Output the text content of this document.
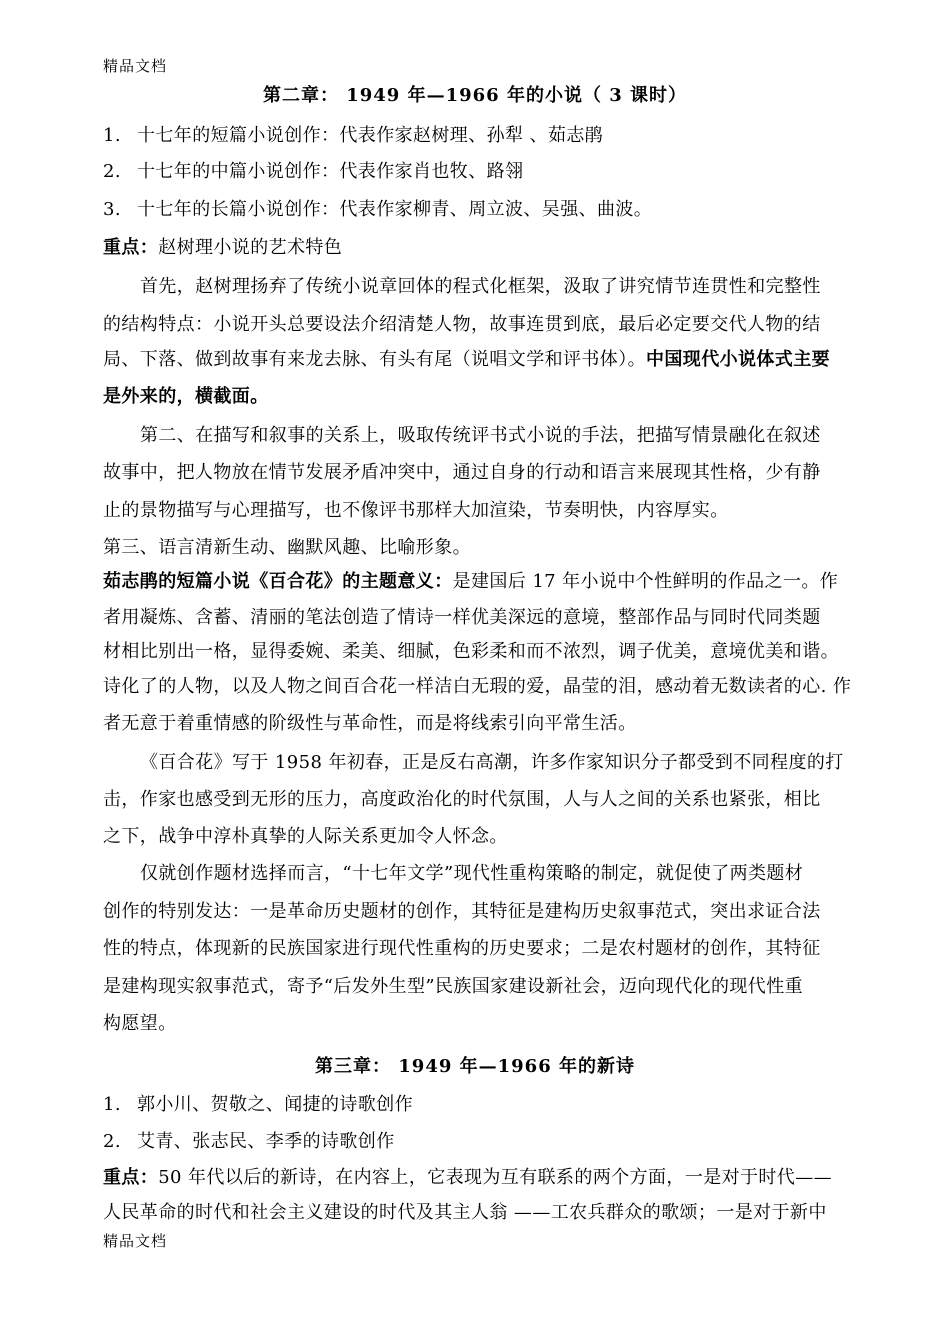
精品文档
第二章： 1949 年—1966 年的小说（ 3 课时）
1. 十七年的短篇小说创作：代表作家赵树理、孙犁 、茹志鹃
2. 十七年的中篇小说创作：代表作家肖也牧、路翎
3. 十七年的长篇小说创作：代表作家柳青、周立波、吴强、曲波。
重点：赵树理小说的艺术特色
首先，赵树理扬弃了传统小说章回体的程式化框架，汲取了讲究情节连贯性和完整性
的结构特点：小说开头总要设法介绍清楚人物，故事连贯到底，最后必定要交代人物的结
局、下落、做到故事有来龙去脉、有头有尾（说唱文学和评书体）。中国现代小说体式主要
是外来的，横截面。
第二、在描写和叙事的关系上，吸取传统评书式小说的手法，把描写情景融化在叙述
故事中，把人物放在情节发展矛盾冲突中，通过自身的行动和语言来展现其性格，少有静
止的景物描写与心理描写，也不像评书那样大加渲染，节奏明快，内容厚实。
第三、语言清新生动、幽默风趣、比喻形象。
茹志鹃的短篇小说《百合花》的主题意义：是建国后 17 年小说中个性鲜明的作品之一。作
者用凝炼、含蓄、清丽的笔法创造了情诗一样优美深远的意境，整部作品与同时代同类题
材相比别出一格，显得委婉、柔美、细腻，色彩柔和而不浓烈，调子优美，意境优美和谐。
诗化了的人物，以及人物之间百合花一样洁白无瑕的爱，晶莹的泪，感动着无数读者的心. 作
者无意于着重情感的阶级性与革命性，而是将线索引向平常生活。
《百合花》写于 1958 年初春，正是反右高潮，许多作家知识分子都受到不同程度的打
击，作家也感受到无形的压力，高度政治化的时代氛围，人与人之间的关系也紧张，相比
之下，战争中淳朴真挚的人际关系更加令人怀念。
仅就创作题材选择而言，“十七年文学”现代性重构策略的制定，就促使了两类题材
创作的特别发达：一是革命历史题材的创作，其特征是建构历史叙事范式，突出求证合法
性的特点，体现新的民族国家进行现代性重构的历史要求；二是农村题材的创作，其特征
是建构现实叙事范式，寄予“后发外生型”民族国家建设新社会，迈向现代化的现代性重
构愿望。
第三章： 1949 年—1966 年的新诗
1. 郭小川、贺敬之、闻捷的诗歌创作
2. 艾青、张志民、李季的诗歌创作
重点：50 年代以后的新诗，在内容上，它表现为互有联系的两个方面，一是对于时代——
人民革命的时代和社会主义建设的时代及其主人翁 ——工农兵群众的歌颂；一是对于新中
精品文档
